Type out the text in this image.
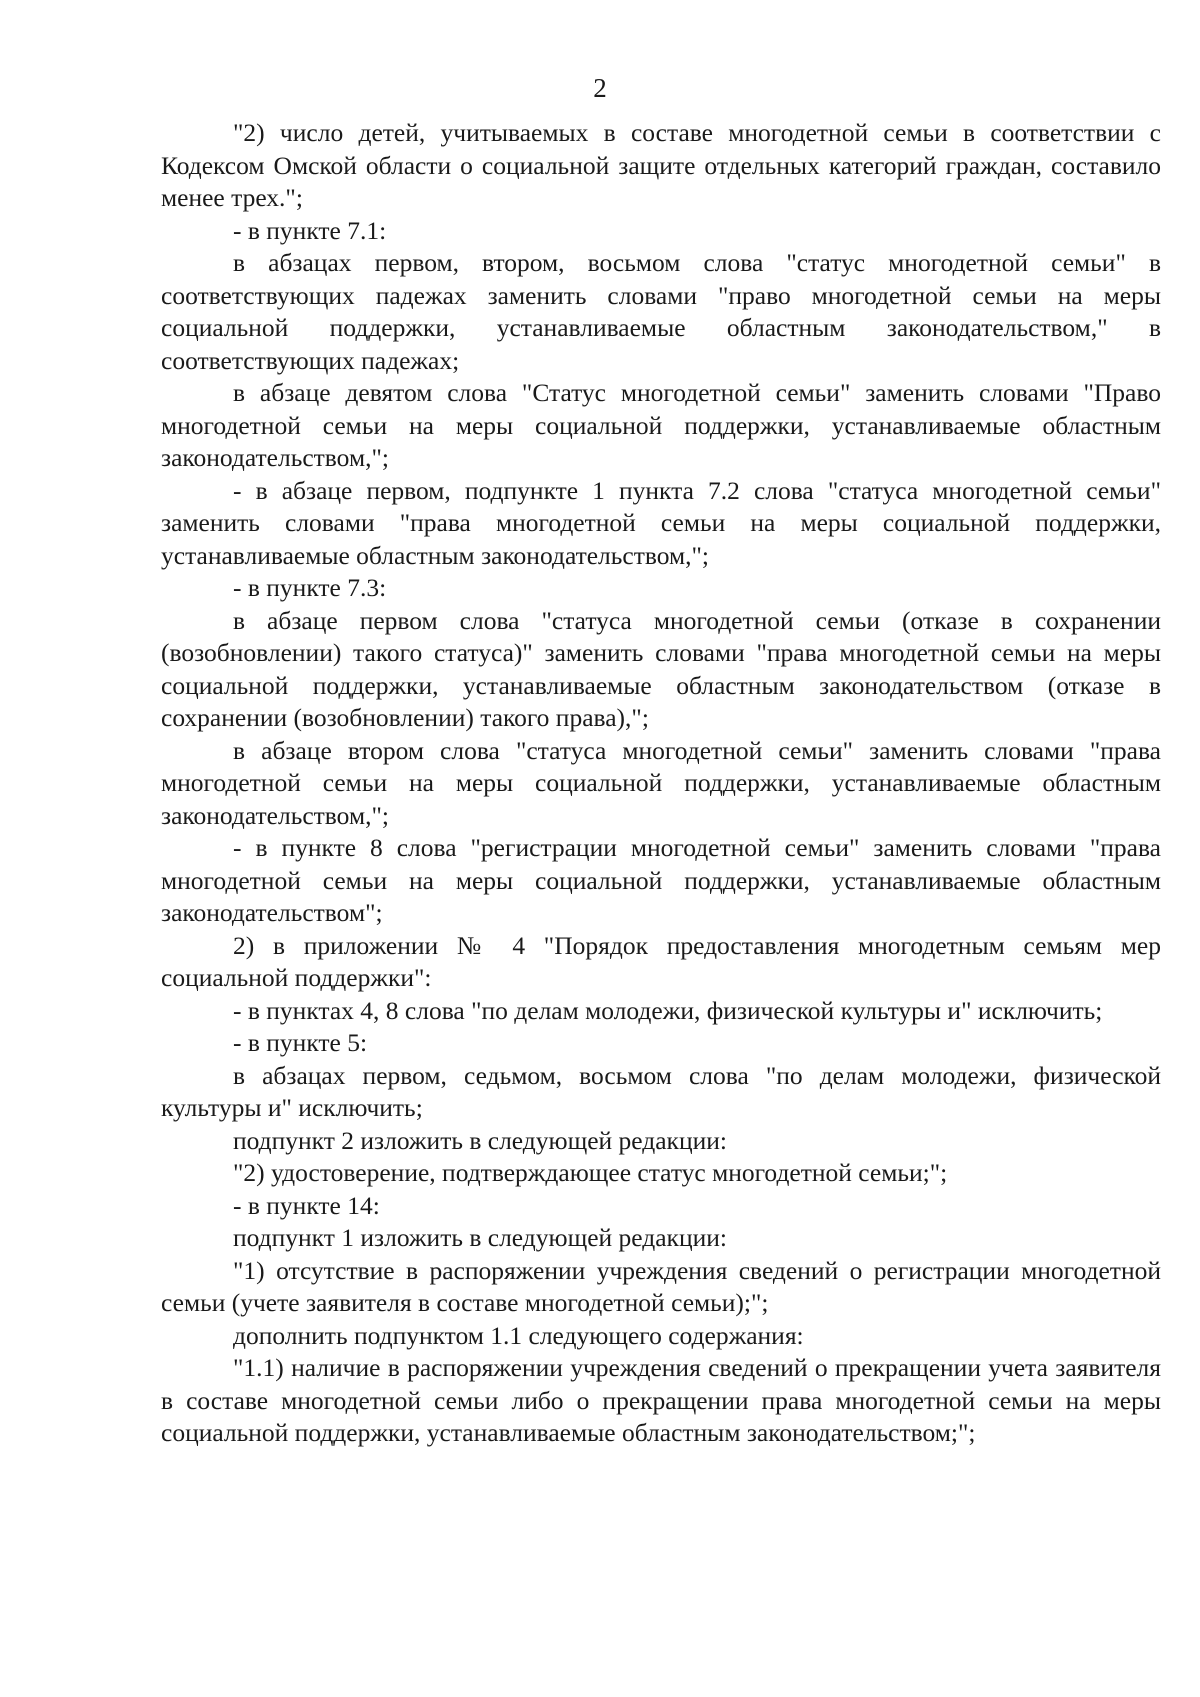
2

"2) число детей, учитываемых в составе многодетной семьи в соответствии с Кодексом Омской области о социальной защите отдельных категорий граждан, составило менее трех.";

- в пункте 7.1:

в абзацах первом, втором, восьмом слова "статус многодетной семьи" в соответствующих падежах заменить словами "право многодетной семьи на меры социальной поддержки, устанавливаемые областным законодательством," в соответствующих падежах;

в абзаце девятом слова "Статус многодетной семьи" заменить словами "Право многодетной семьи на меры социальной поддержки, устанавливаемые областным законодательством,";

- в абзаце первом, подпункте 1 пункта 7.2 слова "статуса многодетной семьи" заменить словами "права многодетной семьи на меры социальной поддержки, устанавливаемые областным законодательством,";

- в пункте 7.3:

в абзаце первом слова "статуса многодетной семьи (отказе в сохранении (возобновлении) такого статуса)" заменить словами "права многодетной семьи на меры социальной поддержки, устанавливаемые областным законодательством (отказе в сохранении (возобновлении) такого права),";

в абзаце втором слова "статуса многодетной семьи" заменить словами "права многодетной семьи на меры социальной поддержки, устанавливаемые областным законодательством,";

- в пункте 8 слова "регистрации многодетной семьи" заменить словами "права многодетной семьи на меры социальной поддержки, устанавливаемые областным законодательством";

2) в приложении № 4 "Порядок предоставления многодетным семьям мер социальной поддержки":

- в пунктах 4, 8 слова "по делам молодежи, физической культуры и" исключить;

- в пункте 5:

в абзацах первом, седьмом, восьмом слова "по делам молодежи, физической культуры и" исключить;

подпункт 2 изложить в следующей редакции:

"2) удостоверение, подтверждающее статус многодетной семьи;";

- в пункте 14:

подпункт 1 изложить в следующей редакции:

"1) отсутствие в распоряжении учреждения сведений о регистрации многодетной семьи (учете заявителя в составе многодетной семьи);";

дополнить подпунктом 1.1 следующего содержания:

"1.1) наличие в распоряжении учреждения сведений о прекращении учета заявителя в составе многодетной семьи либо о прекращении права многодетной семьи на меры социальной поддержки, устанавливаемые областным законодательством;";
